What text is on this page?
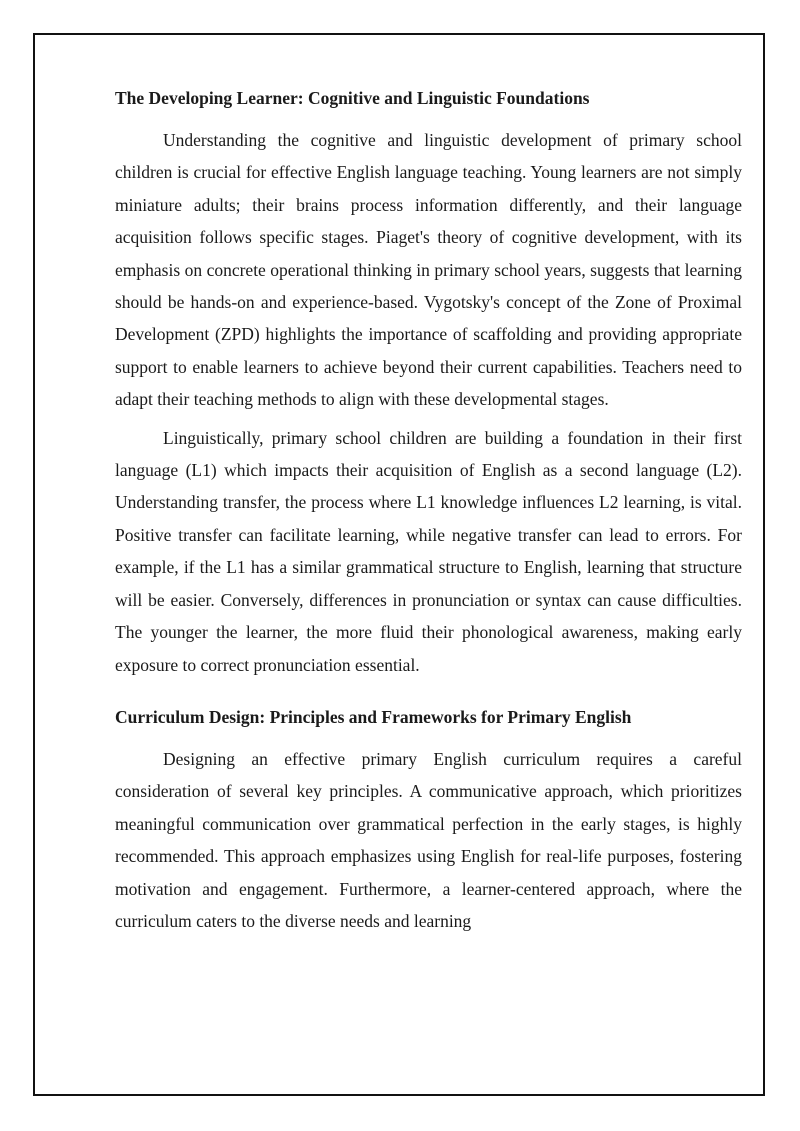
The Developing Learner: Cognitive and Linguistic Foundations

Understanding the cognitive and linguistic development of primary school children is crucial for effective English language teaching. Young learners are not simply miniature adults; their brains process information differently, and their language acquisition follows specific stages. Piaget's theory of cognitive development, with its emphasis on concrete operational thinking in primary school years, suggests that learning should be hands-on and experience-based. Vygotsky's concept of the Zone of Proximal Development (ZPD) highlights the importance of scaffolding and providing appropriate support to enable learners to achieve beyond their current capabilities. Teachers need to adapt their teaching methods to align with these developmental stages.

Linguistically, primary school children are building a foundation in their first language (L1) which impacts their acquisition of English as a second language (L2). Understanding transfer, the process where L1 knowledge influences L2 learning, is vital. Positive transfer can facilitate learning, while negative transfer can lead to errors. For example, if the L1 has a similar grammatical structure to English, learning that structure will be easier. Conversely, differences in pronunciation or syntax can cause difficulties. The younger the learner, the more fluid their phonological awareness, making early exposure to correct pronunciation essential.

Curriculum Design: Principles and Frameworks for Primary English

Designing an effective primary English curriculum requires a careful consideration of several key principles. A communicative approach, which prioritizes meaningful communication over grammatical perfection in the early stages, is highly recommended. This approach emphasizes using English for real-life purposes, fostering motivation and engagement. Furthermore, a learner-centered approach, where the curriculum caters to the diverse needs and learning
